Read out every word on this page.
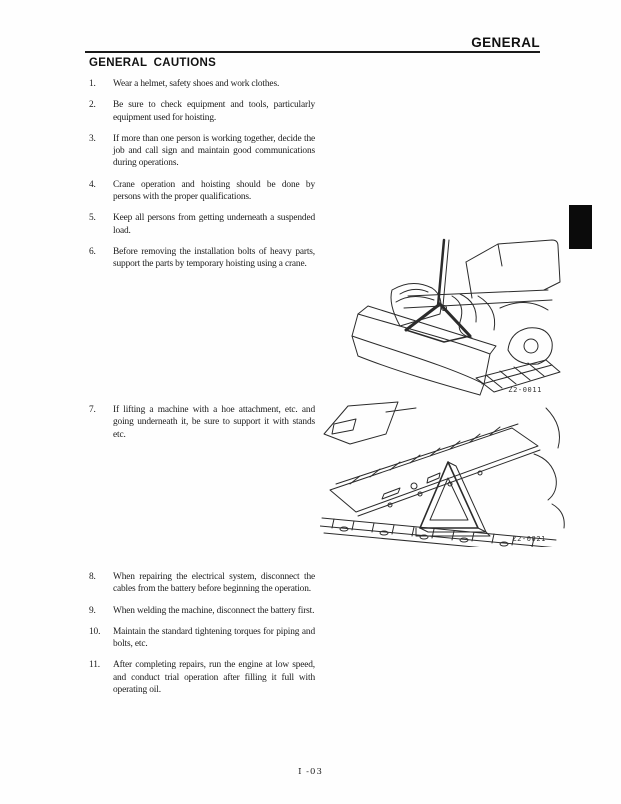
GENERAL
GENERAL CAUTIONS
1.	Wear a helmet, safety shoes and work clothes.
2.	Be sure to check equipment and tools, particularly equipment used for hoisting.
3.	If more than one person is working together, decide the job and call sign and maintain good communications during operations.
4.	Crane operation and hoisting should be done by persons with the proper qualifications.
5.	Keep all persons from getting underneath a suspended load.
6.	Before removing the installation bolts of heavy parts, support the parts by temporary hoisting using a crane.
7.	If lifting a machine with a hoe attachment, etc. and going underneath it, be sure to support it with stands etc.
8.	When repairing the electrical system, disconnect the cables from the battery before beginning the operation.
9.	When welding the machine, disconnect the battery first.
10.	Maintain the standard tightening torques for piping and bolts, etc.
11.	After completing repairs, run the engine at low speed, and conduct trial operation after filling it full with operating oil.
Z2-0011
Z2-0021
I -03
